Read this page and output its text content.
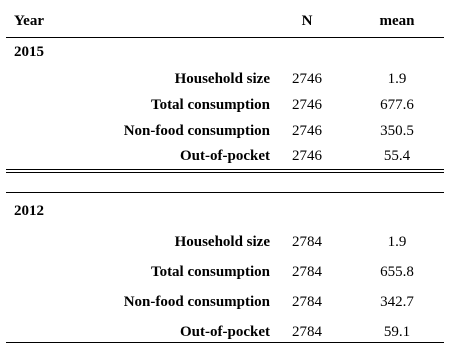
Year	N	mean
2015
Household size	2746	1.9
Total consumption	2746	677.6
Non-food consumption	2746	350.5
Out-of-pocket	2746	55.4
2012
Household size	2784	1.9
Total consumption	2784	655.8
Non-food consumption	2784	342.7
Out-of-pocket	2784	59.1
